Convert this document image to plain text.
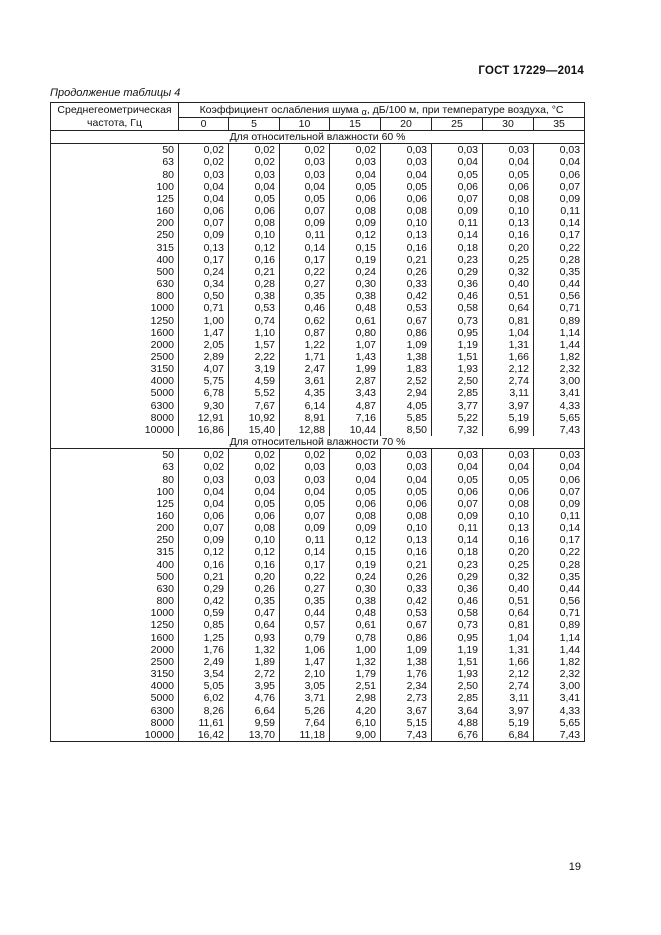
ГОСТ 17229—2014
Продолжение таблицы 4
Среднегеометрическая частота, Гц	Коэффициент ослабления шума α, дБ/100 м, при температуре воздуха, °С							
	0	5	10	15	20	25	30	35
Для относительной влажности 60 %								
50	0,02	0,02	0,02	0,02	0,03	0,03	0,03	0,03
63	0,02	0,02	0,03	0,03	0,03	0,04	0,04	0,04
80	0,03	0,03	0,03	0,04	0,04	0,05	0,05	0,06
100	0,04	0,04	0,04	0,05	0,05	0,06	0,06	0,07
125	0,04	0,05	0,05	0,06	0,06	0,07	0,08	0,09
160	0,06	0,06	0,07	0,08	0,08	0,09	0,10	0,11
200	0,07	0,08	0,09	0,09	0,10	0,11	0,13	0,14
250	0,09	0,10	0,11	0,12	0,13	0,14	0,16	0,17
315	0,13	0,12	0,14	0,15	0,16	0,18	0,20	0,22
400	0,17	0,16	0,17	0,19	0,21	0,23	0,25	0,28
500	0,24	0,21	0,22	0,24	0,26	0,29	0,32	0,35
630	0,34	0,28	0,27	0,30	0,33	0,36	0,40	0,44
800	0,50	0,38	0,35	0,38	0,42	0,46	0,51	0,56
1000	0,71	0,53	0,46	0,48	0,53	0,58	0,64	0,71
1250	1,00	0,74	0,62	0,61	0,67	0,73	0,81	0,89
1600	1,47	1,10	0,87	0,80	0,86	0,95	1,04	1,14
2000	2,05	1,57	1,22	1,07	1,09	1,19	1,31	1,44
2500	2,89	2,22	1,71	1,43	1,38	1,51	1,66	1,82
3150	4,07	3,19	2,47	1,99	1,83	1,93	2,12	2,32
4000	5,75	4,59	3,61	2,87	2,52	2,50	2,74	3,00
5000	6,78	5,52	4,35	3,43	2,94	2,85	3,11	3,41
6300	9,30	7,67	6,14	4,87	4,05	3,77	3,97	4,33
8000	12,91	10,92	8,91	7,16	5,85	5,22	5,19	5,65
10000	16,86	15,40	12,88	10,44	8,50	7,32	6,99	7,43
Для относительной влажности 70 %								
50	0,02	0,02	0,02	0,02	0,03	0,03	0,03	0,03
63	0,02	0,02	0,03	0,03	0,03	0,04	0,04	0,04
80	0,03	0,03	0,03	0,04	0,04	0,05	0,05	0,06
100	0,04	0,04	0,04	0,05	0,05	0,06	0,06	0,07
125	0,04	0,05	0,05	0,06	0,06	0,07	0,08	0,09
160	0,06	0,06	0,07	0,08	0,08	0,09	0,10	0,11
200	0,07	0,08	0,09	0,09	0,10	0,11	0,13	0,14
250	0,09	0,10	0,11	0,12	0,13	0,14	0,16	0,17
315	0,12	0,12	0,14	0,15	0,16	0,18	0,20	0,22
400	0,16	0,16	0,17	0,19	0,21	0,23	0,25	0,28
500	0,21	0,20	0,22	0,24	0,26	0,29	0,32	0,35
630	0,29	0,26	0,27	0,30	0,33	0,36	0,40	0,44
800	0,42	0,35	0,35	0,38	0,42	0,46	0,51	0,56
1000	0,59	0,47	0,44	0,48	0,53	0,58	0,64	0,71
1250	0,85	0,64	0,57	0,61	0,67	0,73	0,81	0,89
1600	1,25	0,93	0,79	0,78	0,86	0,95	1,04	1,14
2000	1,76	1,32	1,06	1,00	1,09	1,19	1,31	1,44
2500	2,49	1,89	1,47	1,32	1,38	1,51	1,66	1,82
3150	3,54	2,72	2,10	1,79	1,76	1,93	2,12	2,32
4000	5,05	3,95	3,05	2,51	2,34	2,50	2,74	3,00
5000	6,02	4,76	3,71	2,98	2,73	2,85	3,11	3,41
6300	8,26	6,64	5,26	4,20	3,67	3,64	3,97	4,33
8000	11,61	9,59	7,64	6,10	5,15	4,88	5,19	5,65
10000	16,42	13,70	11,18	9,00	7,43	6,76	6,84	7,43
19
